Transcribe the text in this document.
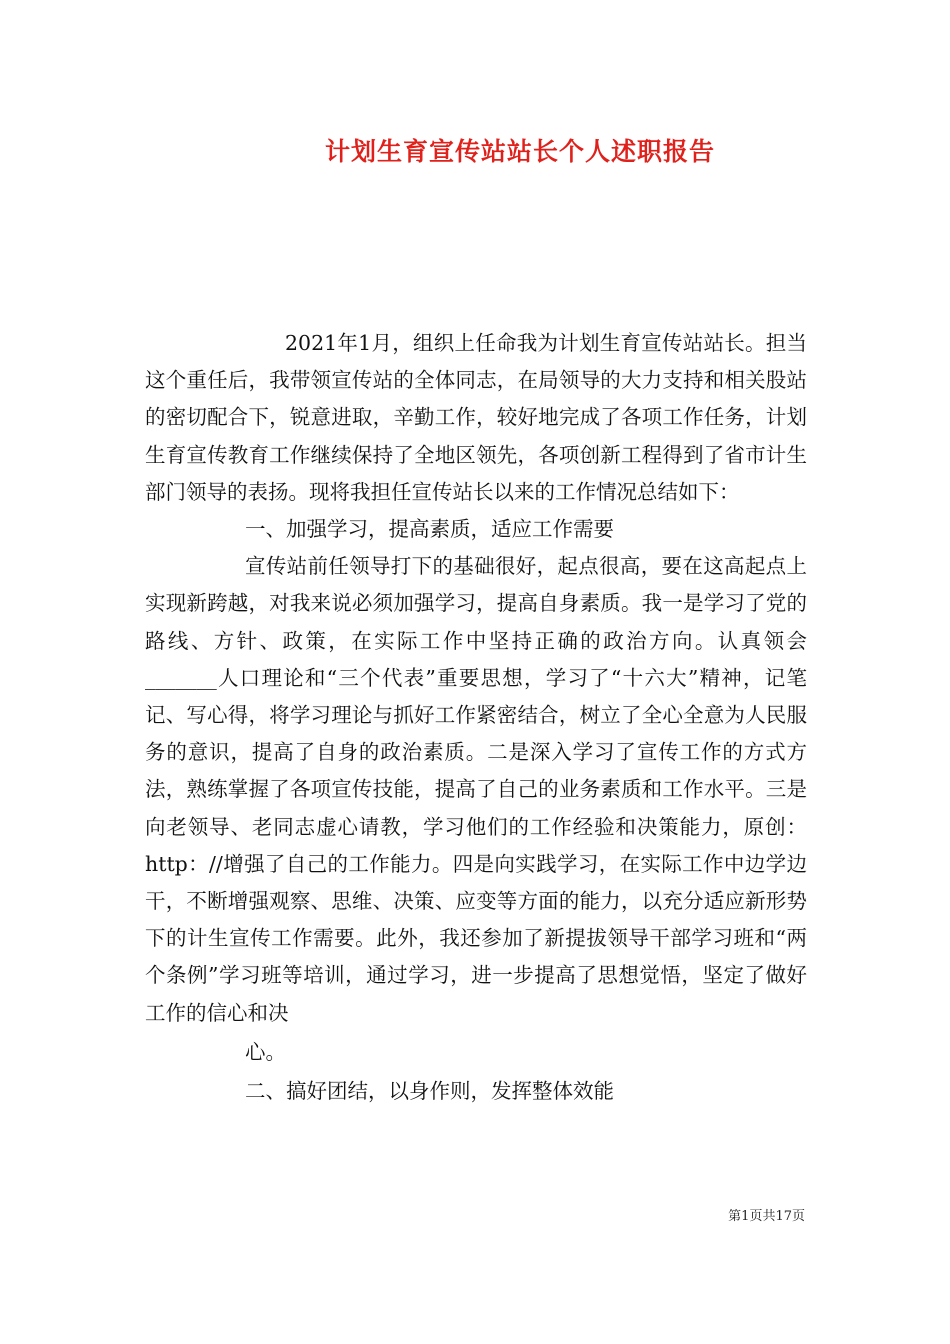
计划生育宣传站站长个人述职报告

2021年1月，组织上任命我为计划生育宣传站站长。担当这个重任后，我带领宣传站的全体同志，在局领导的大力支持和相关股站的密切配合下，锐意进取，辛勤工作，较好地完成了各项工作任务，计划生育宣传教育工作继续保持了全地区领先，各项创新工程得到了省市计生部门领导的表扬。现将我担任宣传站长以来的工作情况总结如下：

一、加强学习，提高素质，适应工作需要

宣传站前任领导打下的基础很好，起点很高，要在这高起点上实现新跨越，对我来说必须加强学习，提高自身素质。我一是学习了党的路线、方针、政策，在实际工作中坚持正确的政治方向。认真领会_______人口理论和“三个代表”重要思想，学习了“十六大”精神，记笔记、写心得，将学习理论与抓好工作紧密结合，树立了全心全意为人民服务的意识，提高了自身的政治素质。二是深入学习了宣传工作的方式方法，熟练掌握了各项宣传技能，提高了自己的业务素质和工作水平。三是向老领导、老同志虚心请教，学习他们的工作经验和决策能力，原创：http：//增强了自己的工作能力。四是向实践学习，在实际工作中边学边干，不断增强观察、思维、决策、应变等方面的能力，以充分适应新形势下的计生宣传工作需要。此外，我还参加了新提拔领导干部学习班和“两个条例”学习班等培训，通过学习，进一步提高了思想觉悟，坚定了做好工作的信心和决

心。

二、搞好团结，以身作则，发挥整体效能

第1页共17页
